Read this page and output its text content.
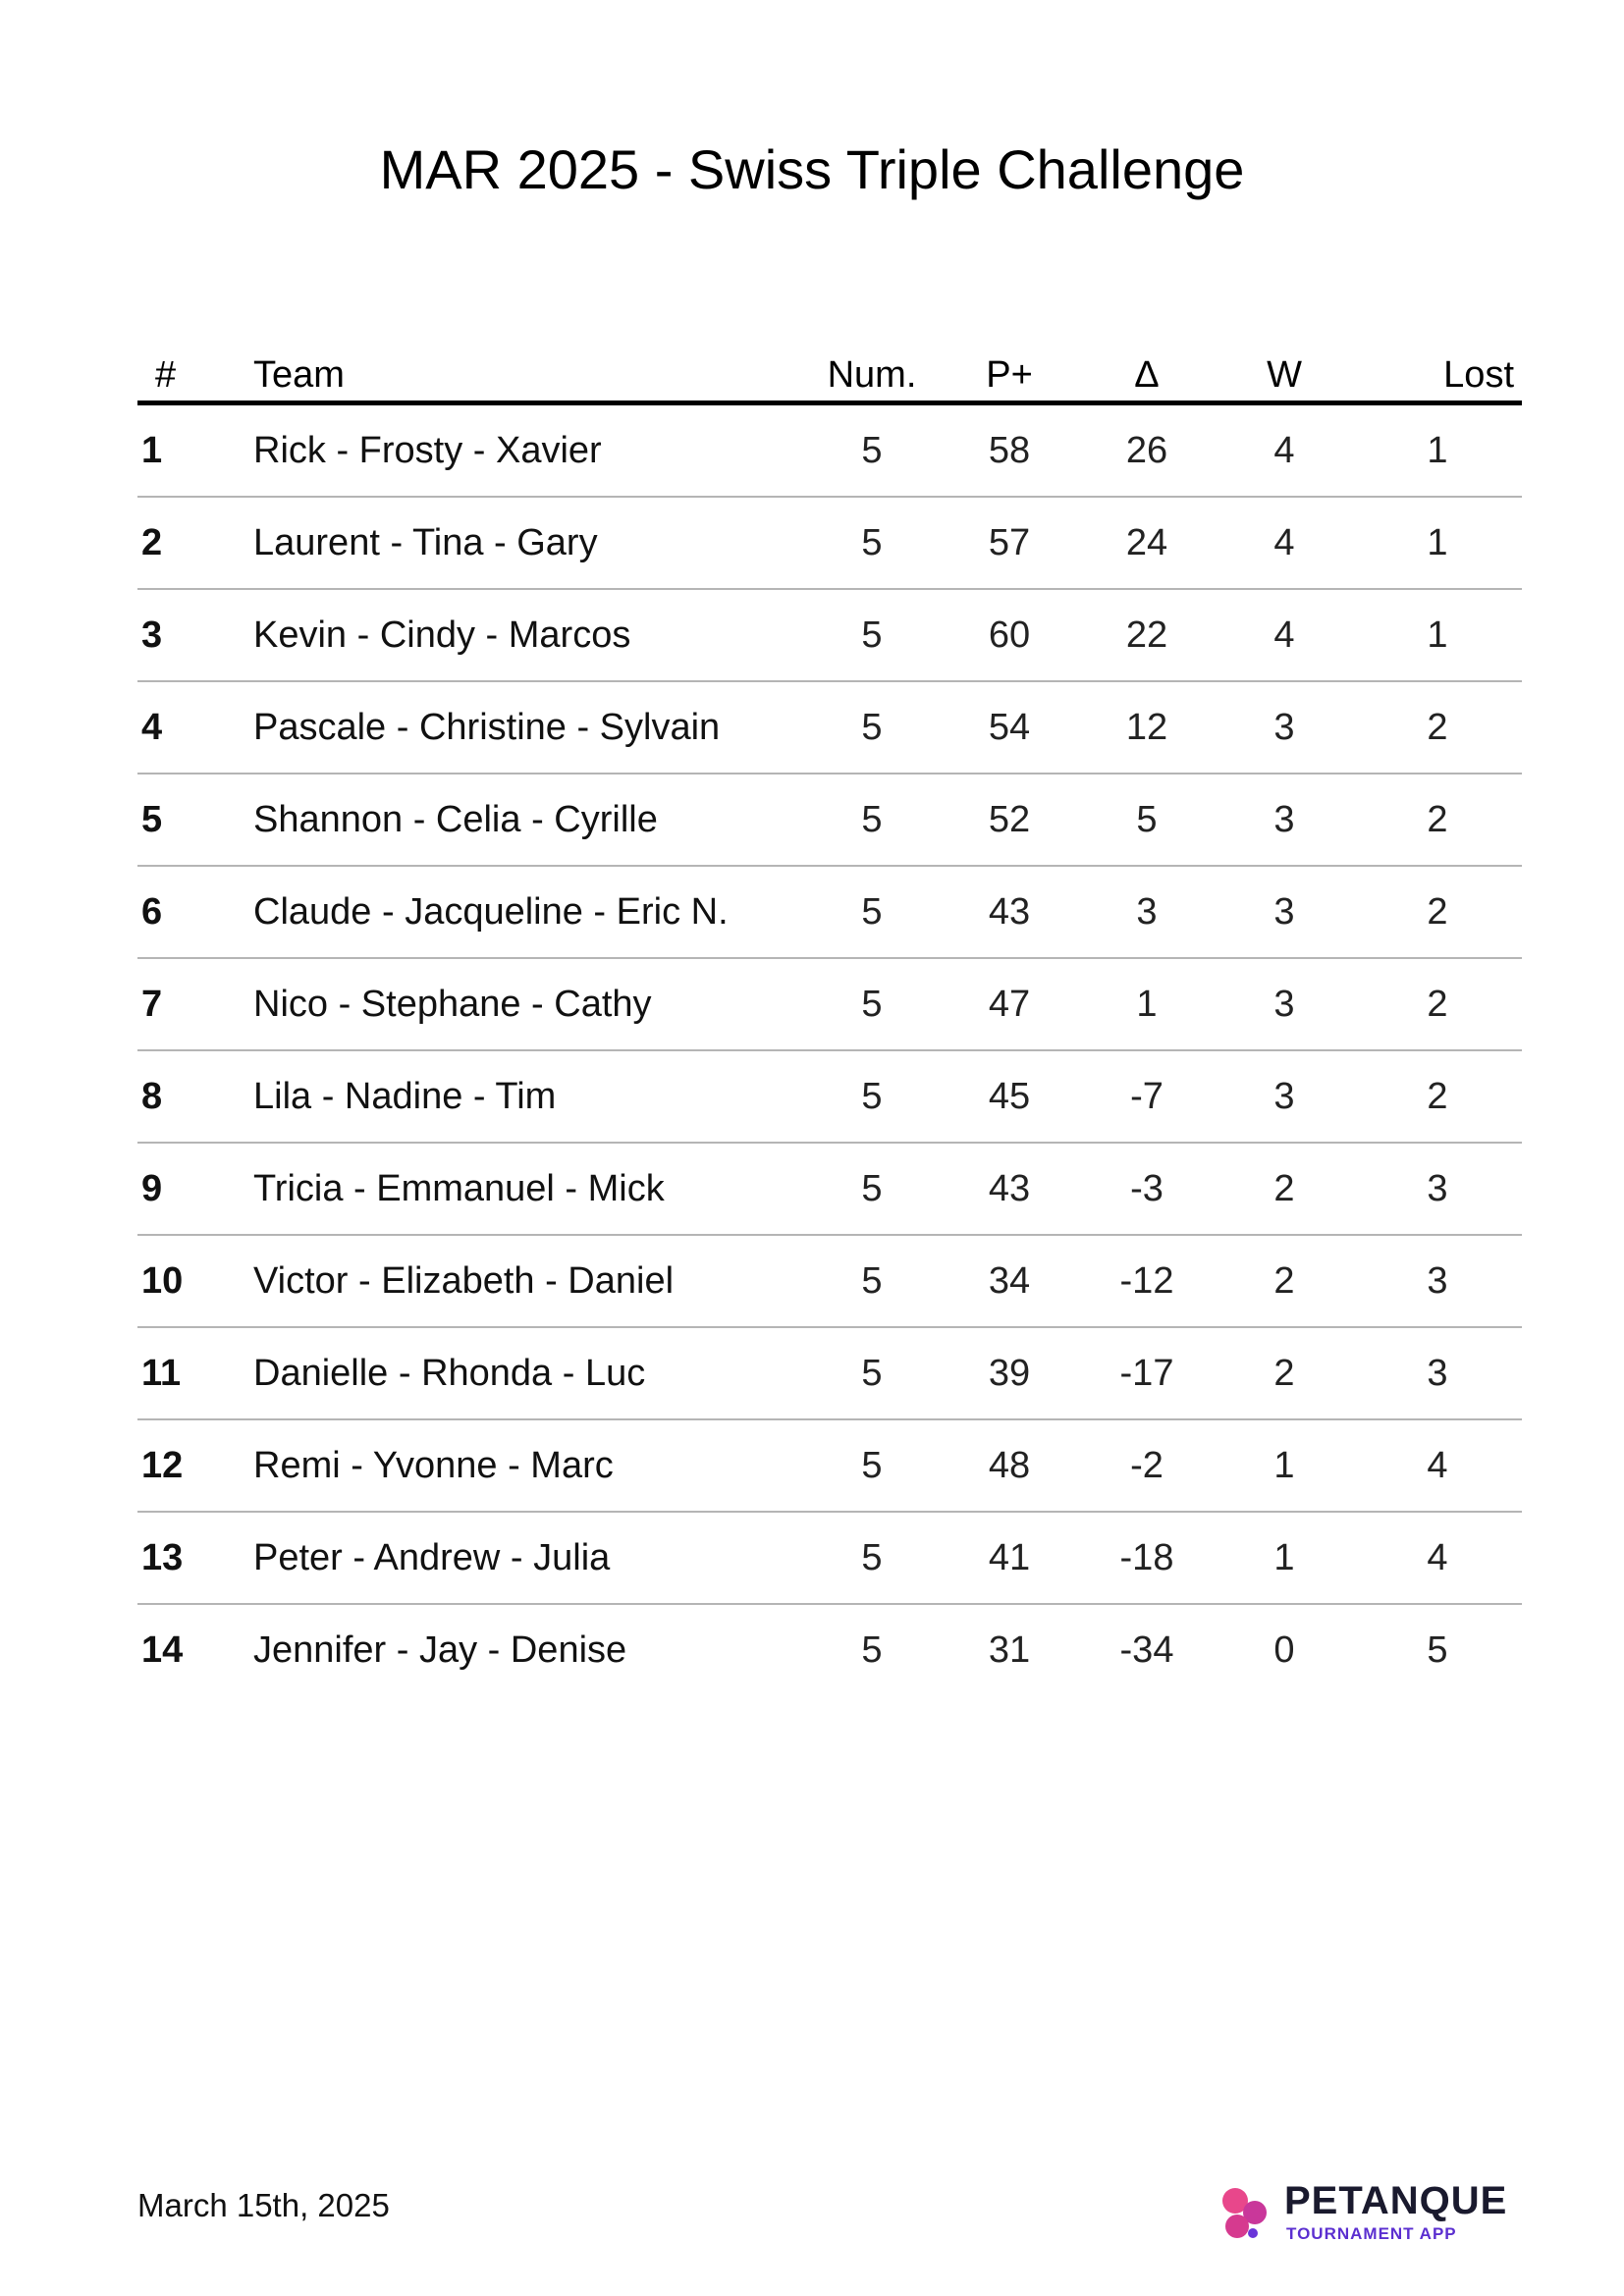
MAR 2025 - Swiss Triple Challenge
#	Team	Num.	P+	Δ	W	Lost
1	Rick - Frosty - Xavier	5	58	26	4	1
2	Laurent - Tina - Gary	5	57	24	4	1
3	Kevin - Cindy - Marcos	5	60	22	4	1
4	Pascale - Christine - Sylvain	5	54	12	3	2
5	Shannon - Celia - Cyrille	5	52	5	3	2
6	Claude - Jacqueline - Eric N.	5	43	3	3	2
7	Nico - Stephane - Cathy	5	47	1	3	2
8	Lila - Nadine - Tim	5	45	-7	3	2
9	Tricia - Emmanuel - Mick	5	43	-3	2	3
10	Victor - Elizabeth - Daniel	5	34	-12	2	3
11	Danielle - Rhonda - Luc	5	39	-17	2	3
12	Remi - Yvonne - Marc	5	48	-2	1	4
13	Peter - Andrew - Julia	5	41	-18	1	4
14	Jennifer - Jay - Denise	5	31	-34	0	5
March 15th, 2025	PETANQUE
TOURNAMENT APP
